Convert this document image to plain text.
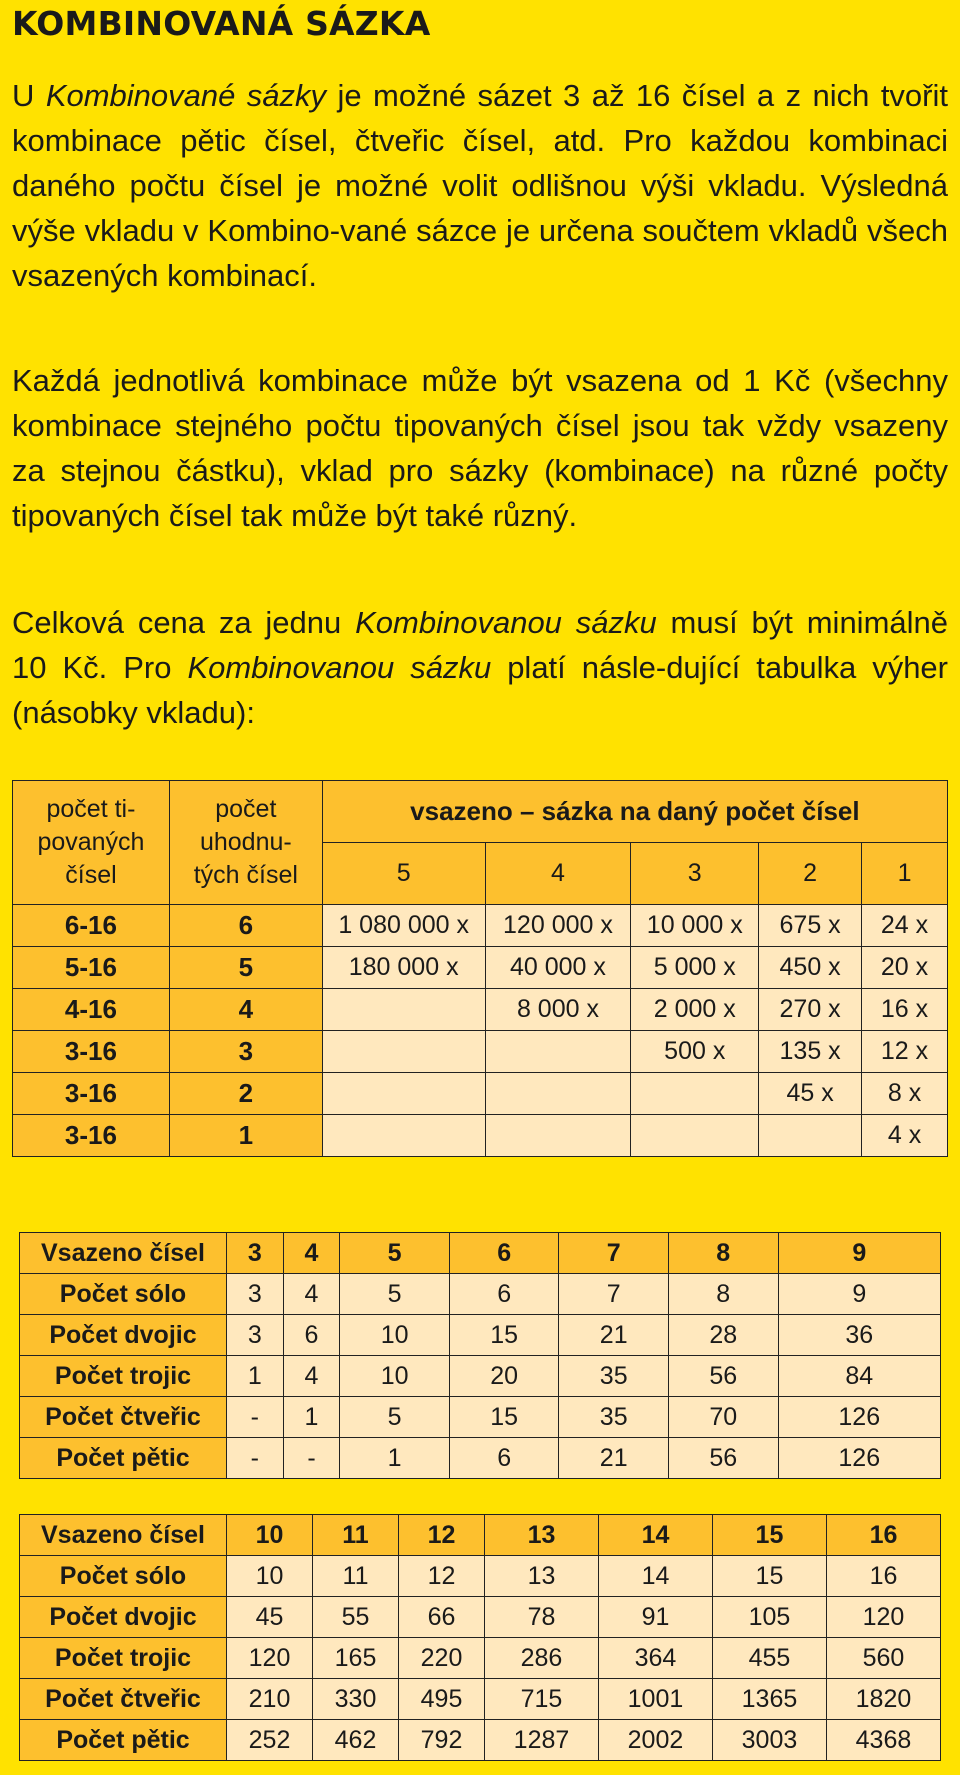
KOMBINOVANÁ SÁZKA

U Kombinované sázky je možné sázet 3 až 16 čísel a z nich tvořit kombinace pětic čísel, čtveřic čísel, atd. Pro každou kombinaci daného počtu čísel je možné volit odlišnou výši vkladu. Výsledná výše vkladu v Kombino-vané sázce je určena součtem vkladů všech vsazených kombinací.

Každá jednotlivá kombinace může být vsazena od 1 Kč (všechny kombinace stejného počtu tipovaných čísel jsou tak vždy vsazeny za stejnou částku), vklad pro sázky (kombinace) na různé počty tipovaných čísel tak může být také různý.

Celková cena za jednu Kombinovanou sázku musí být minimálně 10 Kč. Pro Kombinovanou sázku platí násle-dující tabulka výher (násobky vkladu):

počet ti-
povaných
čísel	počet
uhodnu-
tých čísel	vsazeno – sázka na daný počet čísel				
		5	4	3	2	1
6-16	6	1 080 000 x	120 000 x	10 000 x	675 x	24 x
5-16	5	180 000 x	40 000 x	5 000 x	450 x	20 x
4-16	4		8 000 x	2 000 x	270 x	16 x
3-16	3			500 x	135 x	12 x
3-16	2				45 x	8 x
3-16	1					4 x
Vsazeno čísel	3	4	5	6	7	8	9
Počet sólo	3	4	5	6	7	8	9
Počet dvojic	3	6	10	15	21	28	36
Počet trojic	1	4	10	20	35	56	84
Počet čtveřic	-	1	5	15	35	70	126
Počet pětic	-	-	1	6	21	56	126
Vsazeno čísel	10	11	12	13	14	15	16
Počet sólo	10	11	12	13	14	15	16
Počet dvojic	45	55	66	78	91	105	120
Počet trojic	120	165	220	286	364	455	560
Počet čtveřic	210	330	495	715	1001	1365	1820
Počet pětic	252	462	792	1287	2002	3003	4368
